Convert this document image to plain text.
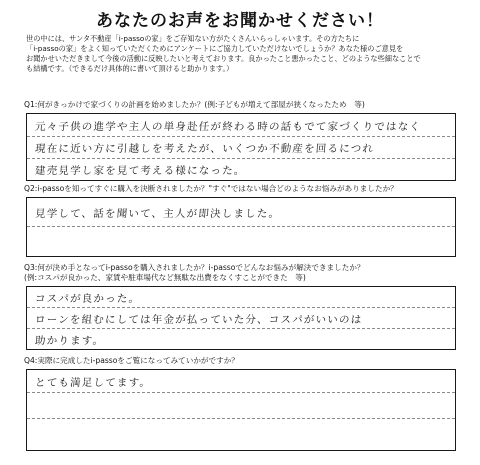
あなたのお声をお聞かせください！

世の中には、サンタ不動産「i-passoの家」をご存知ない方がたくさんいらっしゃいます。その方たちに

「i-passoの家」をよく知っていただくためにアンケートにご協力していただけないでしょうか？あなた様のご意見を

お聞かせいただきまして今後の活動に反映したいと考えております。良かったこと悪かったこと、どのような些細なことで

も結構です。（できるだけ具体的に書いて頂けると助かります。）

Q1:何がきっかけで家づくりの計画を始めましたか？(例:子どもが増えて部屋が狭くなったため　等)
元々子供の進学や主人の単身赴任が終わる時の話もでて家づくりではなく
現在に近い方に引越しを考えたが、いくつか不動産を回るにつれ
建売見学し家を見て考える様になった。
Q2:i-passoを知ってすぐに購入を決断されましたか？"すぐ"ではない場合どのようなお悩みがありましたか？
見学して、話を聞いて、主人が即決しました。
Q3:何が決め手となってi-passoを購入されましたか？i-passoでどんなお悩みが解決できましたか？
(例:コスパが良かった、家賃や駐車場代など無駄な出費をなくすことができた　等)
コスパが良かった。
ローンを組むにしては年金が払っていた分、コスパがいいのは
助かります。
Q4:実際に完成したi-passoをご覧になってみていかがですか？
とても満足してます。
